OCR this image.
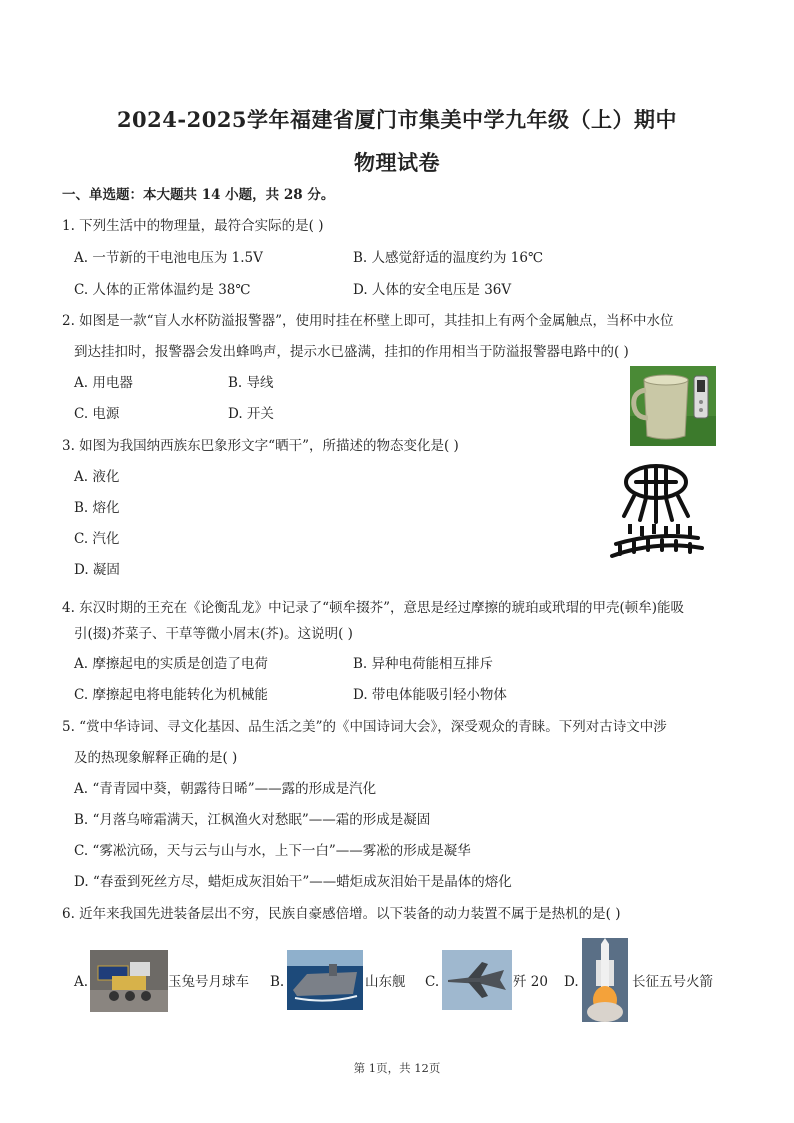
2024-2025学年福建省厦门市集美中学九年级（上）期中
物理试卷
一、单选题：本大题共 14 小题，共 28 分。
1. 下列生活中的物理量，最符合实际的是( )
A. 一节新的干电池电压为 1.5V	B. 人感觉舒适的温度约为 16℃
C. 人体的正常体温约是 38℃	D. 人体的安全电压是 36V
2. 如图是一款“盲人水杯防溢报警器”，使用时挂在杯壁上即可，其挂扣上有两个金属触点，当杯中水位
到达挂扣时，报警器会发出蜂鸣声，提示水已盛满，挂扣的作用相当于防溢报警器电路中的( )
A. 用电器	B. 导线
C. 电源	D. 开关
3. 如图为我国纳西族东巴象形文字“晒干”，所描述的物态变化是( )
A. 液化
B. 熔化
C. 汽化
D. 凝固
4. 东汉时期的王充在《论衡乱龙》中记录了“顿牟掇芥”，意思是经过摩擦的琥珀或玳瑁的甲壳(顿牟)能吸
引(掇)芥菜子、干草等微小屑末(芥)。这说明( )
A. 摩擦起电的实质是创造了电荷	B. 异种电荷能相互排斥
C. 摩擦起电将电能转化为机械能	D. 带电体能吸引轻小物体
5. “赏中华诗词、寻文化基因、品生活之美”的《中国诗词大会》，深受观众的青睐。下列对古诗文中涉
及的热现象解释正确的是( )
A. “青青园中葵，朝露待日晞”——露的形成是汽化
B. “月落乌啼霜满天，江枫渔火对愁眠”——霜的形成是凝固
C. “雾凇沆砀，天与云与山与水，上下一白”——雾凇的形成是凝华
D. “春蚕到死丝方尽，蜡炬成灰泪始干”——蜡炬成灰泪始干是晶体的熔化
6. 近年来我国先进装备层出不穷，民族自豪感倍增。以下装备的动力装置不属于是热机的是( )
A.	玉兔号月球车 B.	山东舰 C.	歼 20 D.	长征五号火箭
第 1页，共 12页
